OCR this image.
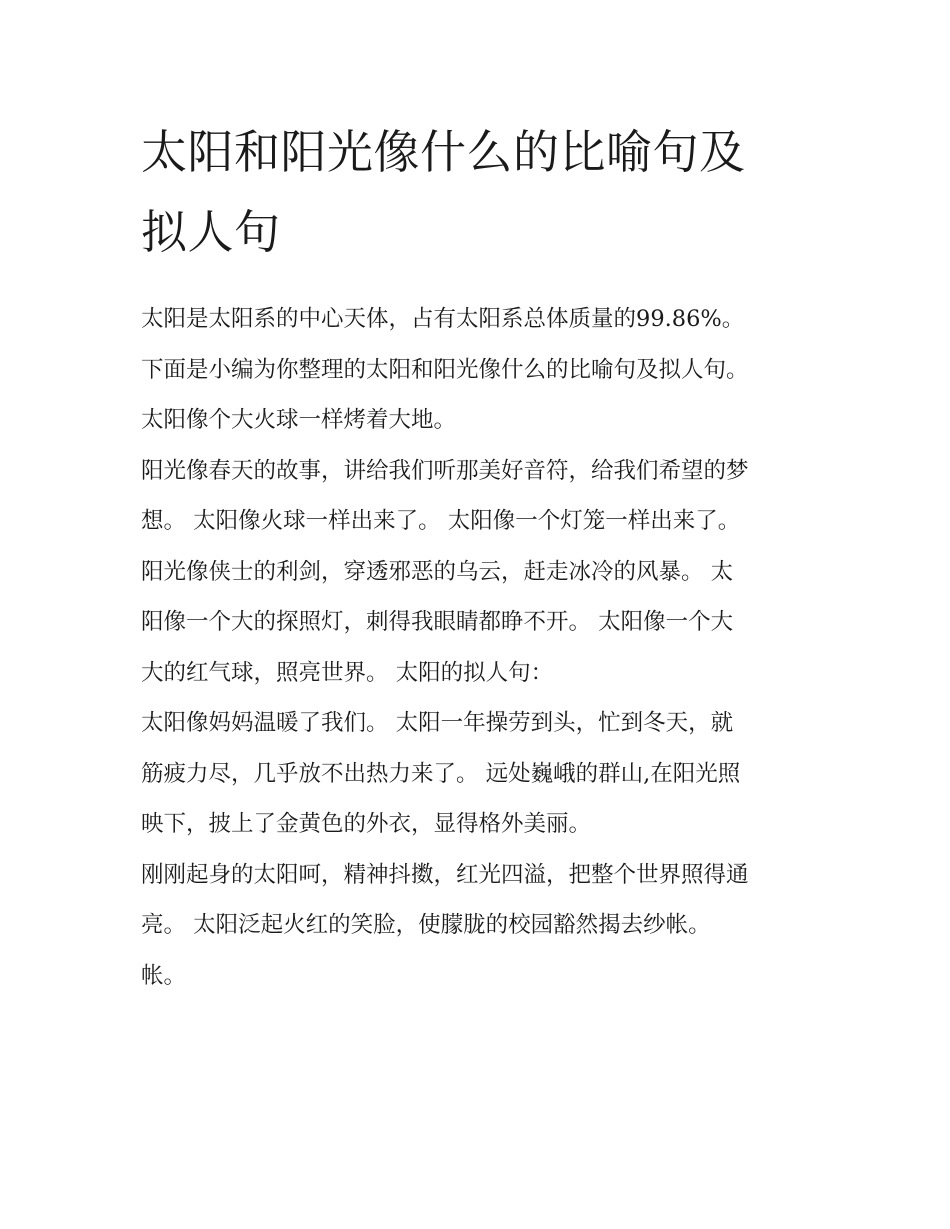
太阳和阳光像什么的比喻句及
拟人句
太阳是太阳系的中心天体，占有太阳系总体质量的99.86%。
下面是小编为你整理的太阳和阳光像什么的比喻句及拟人句。
太阳像个大火球一样烤着大地。
阳光像春天的故事，讲给我们听那美好音符，给我们希望的梦
想。 太阳像火球一样出来了。 太阳像一个灯笼一样出来了。
阳光像侠士的利剑，穿透邪恶的乌云，赶走冰冷的风暴。 太
阳像一个大的探照灯，刺得我眼睛都睁不开。 太阳像一个大
大的红气球，照亮世界。 太阳的拟人句：
太阳像妈妈温暖了我们。 太阳一年操劳到头，忙到冬天，就
筋疲力尽，几乎放不出热力来了。 远处巍峨的群山,在阳光照
映下，披上了金黄色的外衣，显得格外美丽。
刚刚起身的太阳呵，精神抖擞，红光四溢，把整个世界照得通
亮。 太阳泛起火红的笑脸，使朦胧的校园豁然揭去纱帐。
帐。
